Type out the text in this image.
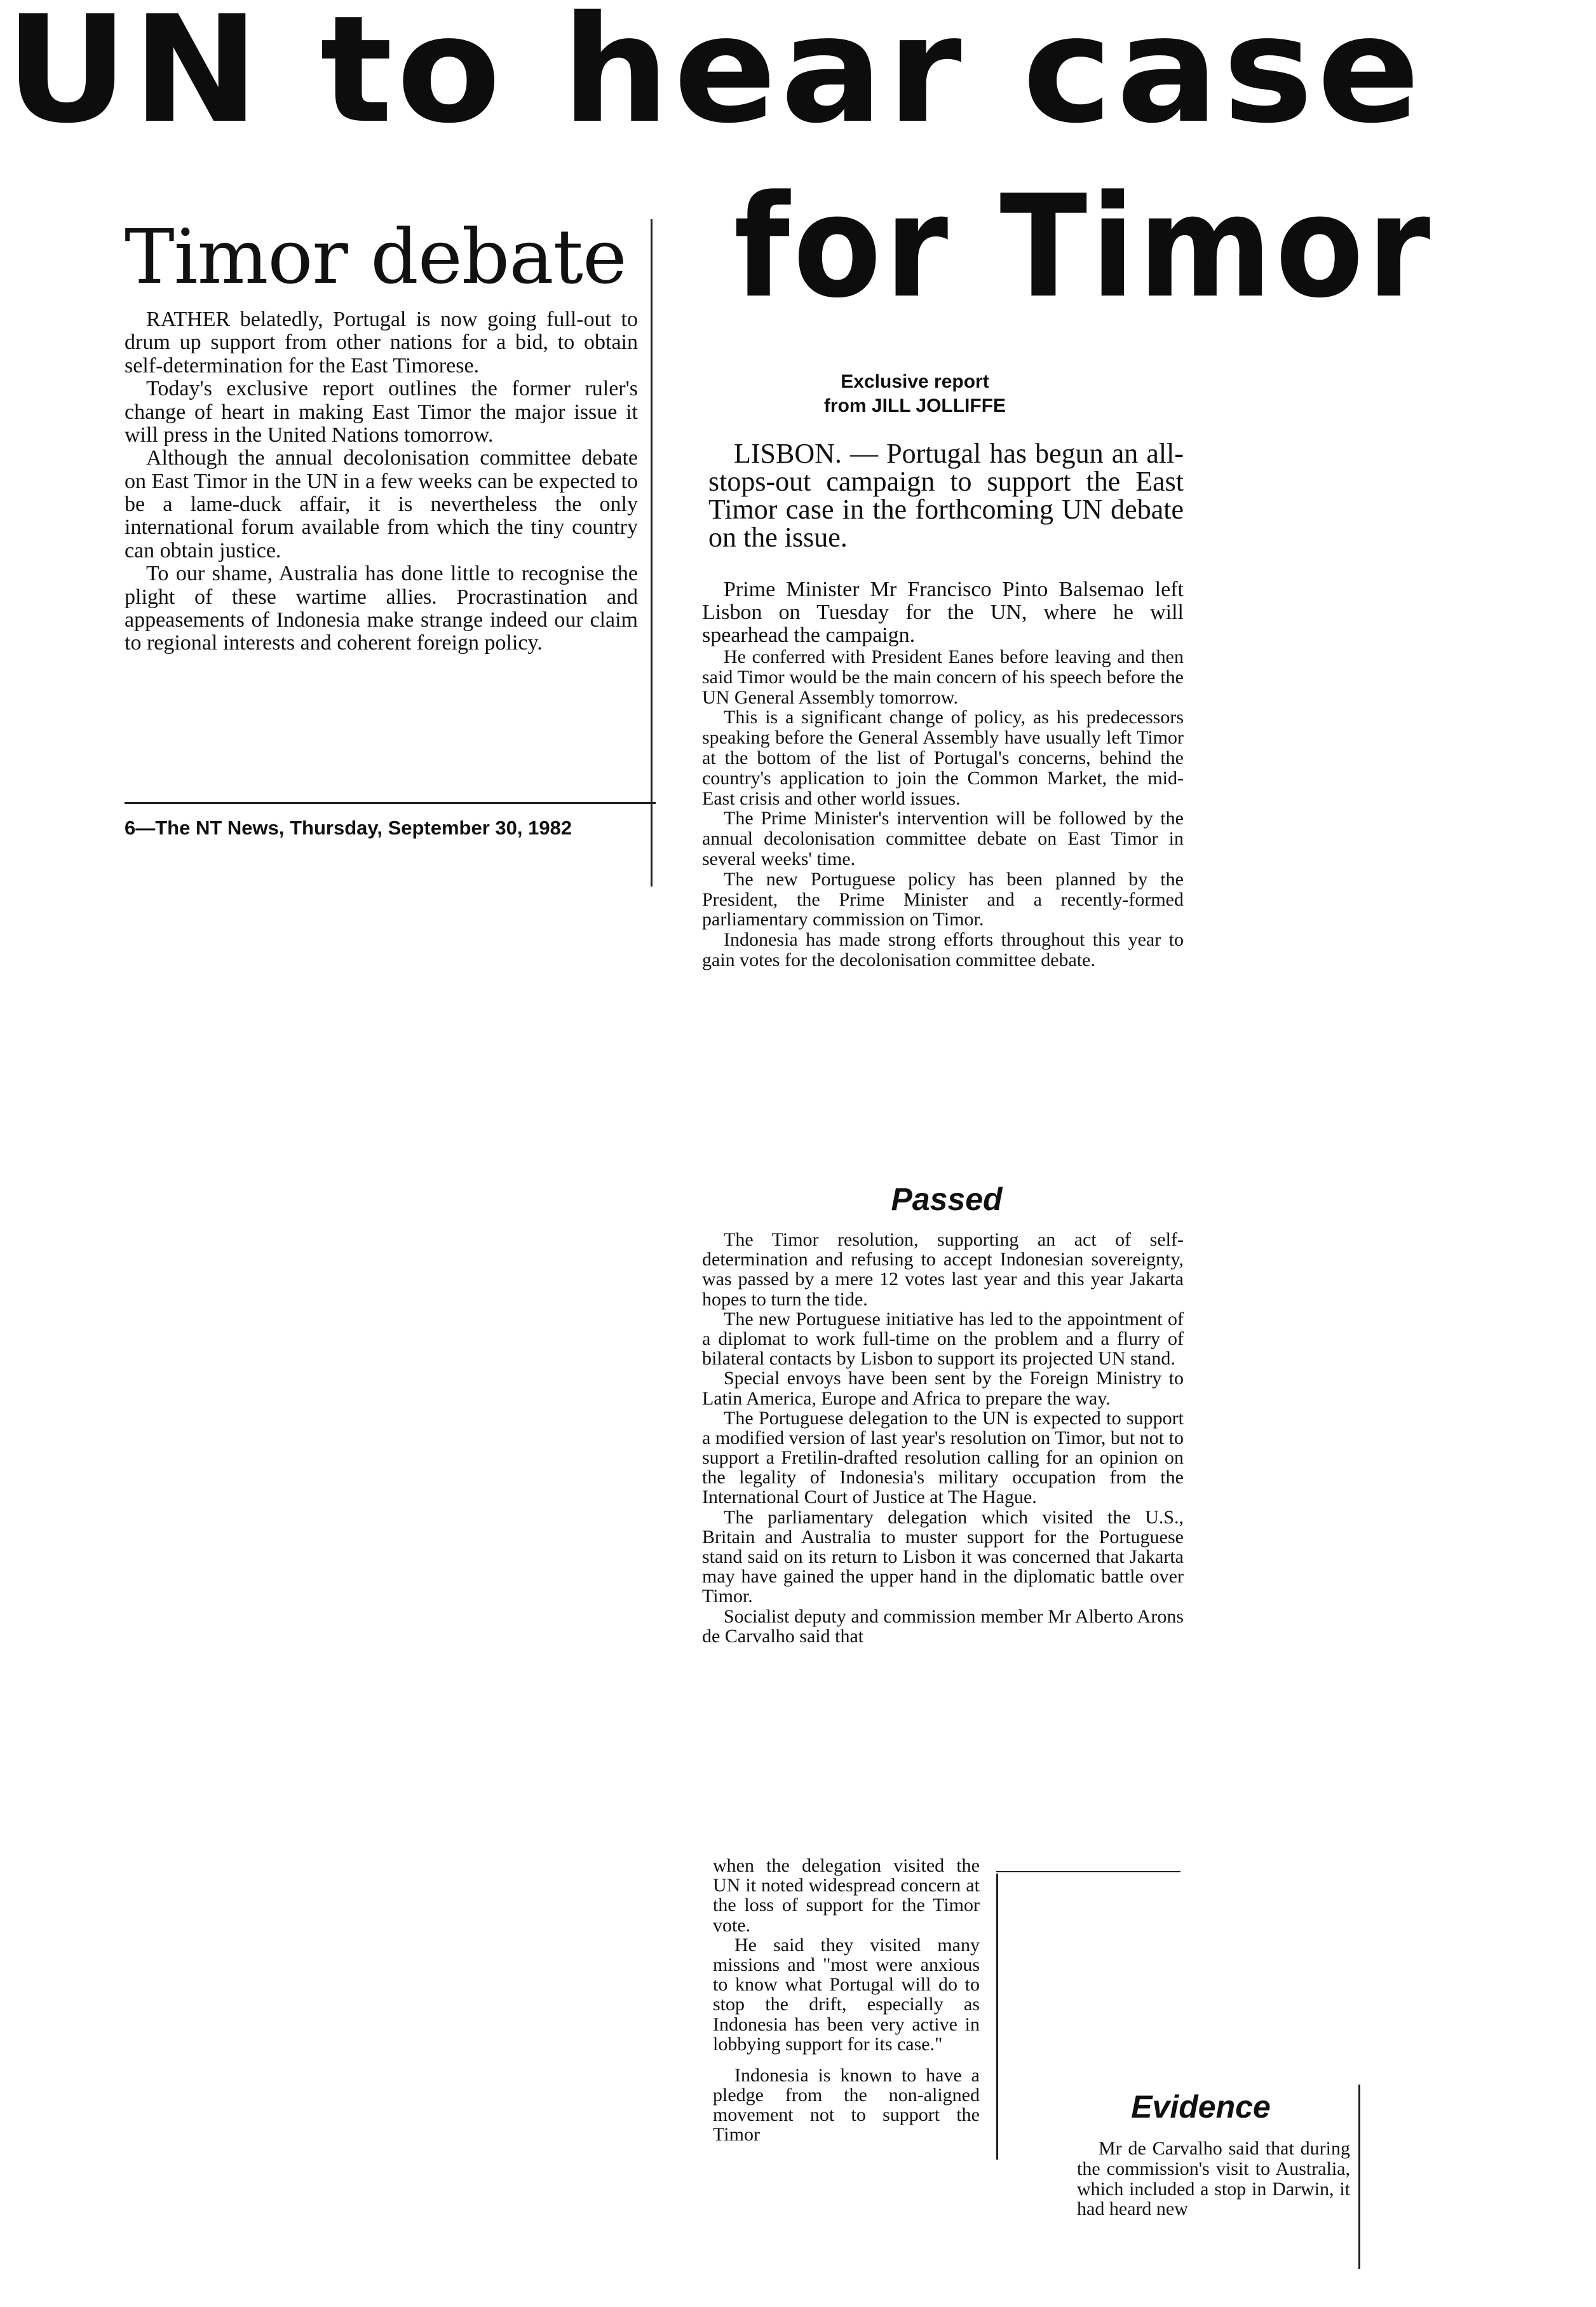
UN to hear case
for Timor
Timor debate

RATHER belatedly, Portugal is now going full-out to drum up support from other nations for a bid, to obtain self-determination for the East Timorese.

Today's exclusive report outlines the former ruler's change of heart in making East Timor the major issue it will press in the United Nations tomorrow.

Although the annual decolonisation committee debate on East Timor in the UN in a few weeks can be expected to be a lame-duck affair, it is nevertheless the only international forum available from which the tiny country can obtain justice.

To our shame, Australia has done little to recognise the plight of these wartime allies. Procrastination and appeasements of Indonesia make strange indeed our claim to regional interests and coherent foreign policy.

6—The NT News, Thursday, September 30, 1982
Exclusive report
from JILL JOLLIFFE
LISBON. — Portugal has begun an all-stops-out campaign to support the East Timor case in the forthcoming UN debate on the issue.

Prime Minister Mr Francisco Pinto Balsemao left Lisbon on Tuesday for the UN, where he will spearhead the campaign.

He conferred with President Eanes before leaving and then said Timor would be the main concern of his speech before the UN General Assembly tomorrow.

This is a significant change of policy, as his predecessors speaking before the General Assembly have usually left Timor at the bottom of the list of Portugal's concerns, behind the country's application to join the Common Market, the mid-East crisis and other world issues.

The Prime Minister's intervention will be followed by the annual decolonisation committee debate on East Timor in several weeks' time.

The new Portuguese policy has been planned by the President, the Prime Minister and a recently-formed parliamentary commission on Timor.

Indonesia has made strong efforts throughout this year to gain votes for the decolonisation committee debate.

Passed

The Timor resolution, supporting an act of self-determination and refusing to accept Indonesian sovereignty, was passed by a mere 12 votes last year and this year Jakarta hopes to turn the tide.

The new Portuguese initiative has led to the appointment of a diplomat to work full-time on the problem and a flurry of bilateral contacts by Lisbon to support its projected UN stand.

Special envoys have been sent by the Foreign Ministry to Latin America, Europe and Africa to prepare the way.

The Portuguese delegation to the UN is expected to support a modified version of last year's resolution on Timor, but not to support a Fretilin-drafted resolution calling for an opinion on the legality of Indonesia's military occupation from the International Court of Justice at The Hague.

The parliamentary delegation which visited the U.S., Britain and Australia to muster support for the Portuguese stand said on its return to Lisbon it was concerned that Jakarta may have gained the upper hand in the diplomatic battle over Timor.

Socialist deputy and commission member Mr Alberto Arons de Carvalho said that

when the delegation visited the UN it noted widespread concern at the loss of support for the Timor vote.

He said they visited many missions and "most were anxious to know what Portugal will do to stop the drift, especially as Indonesia has been very active in lobbying support for its case."

Indonesia is known to have a pledge from the non-aligned movement not to support the Timor

Evidence

Mr de Carvalho said that during the commission's visit to Australia, which included a stop in Darwin, it had heard new
